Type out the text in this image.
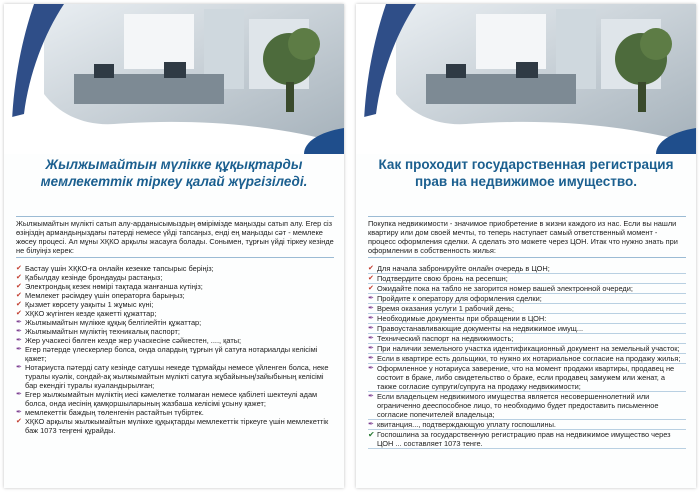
Жылжымайтын мүлікке құқықтарды мемлекеттік тіркеу қалай жүргізіледі.
Жылжымайтын мүлікті сатып алу-арданысымыздың өміріміздe маңызды сатып алу. Егер сіз өзіңіздің армандыңыздағы пәтерді немесе үйді тапсаңыз, енді ең маңызды сәт - мемлеке жөсеу процесі. Ал мұны ХҚКО арқылы жасауға болады. Сонымен, тұрғын үйді тіркеу кезінде не білуіңіз керек:
✔ Бастау үшін ХҚКО-ға онлайн кезекке тапсырыс беріңіз;
✔ Қабылдау кезінде брондауды растаңыз;
✔ Электрондық кезек нөмірі тақтада жанғанша күтіңіз;
✔ Мемлекет рәсімдеу үшін операторға барыңыз;
✔ Қызмет көрсету уақыты 1 жұмыс күні;
✔ ХҚКО жүгінген кезде қажетті құжаттар;
✒ Жылжымайтын мүлікке құқық белгілейтін құжаттар;
✒ Жылжымайтын мүліктің техникалық паспорт;
✒ Жер учаскесі бөлген кезде жер учаскесіне сәйкестен, ...., қаты;
✒ Егер пәтерде үлескерлер болса, онда олардың тұрғын үй сатуға нотариалды келісімі қажет;
✒ Нотариуста пәтерді сату кезінде сатушы некеде тұрмайды немесе үйленген болса, неке туралы куәлік, сондай-ақ жылжымайтын мүлікті сатуға жұбайының/зайыбының келісімі бар екендігі туралы куәландырылған;
✒ Егер жылжымайтын мүліктің иесі кәмелетке толмаған немесе қабілеті шектеулі адам болса, онда иесінің қамқоршыларының жазбаша келісімі ұсыну қажет;
✒ мемлекеттік баждың төленгенін растайтын түбіртек.
✔ ХҚКО арқылы жылжымайтын мүлікке құқықтарды мемлекеттік тіркеуге үшін мемлекеттік баж 1073 теңгені құрайды.
Как проходит государственная регистрация прав на недвижимое имущество.
Покупка недвижимости - значимое приобретение в жизни каждого из нас. Если вы нашли квартиру или дом своей мечты, то теперь наступает самый ответственный момент - процесс оформления сделки. А сделать это можете через ЦОН. Итак что нужно знать при оформлении в собственность жилья:
✔ Для начала забронируйте онлайн очередь в ЦОН;
✔ Подтвердите свою бронь на ресепшн;
✔ Ожидайте пока на табло не загорится номер вашей электронной очереди;
✒ Пройдите к оператору для оформления сделки;
✒ Время оказания услуги 1 рабочий день;
✒ Необходимые документы при обращении в ЦОН:
✒ Правоустанавливающие документы на недвижимое имущ...
✒ Технический паспорт на недвижимость;
✒ При наличии земельного участка идентификационный документ на земельный участок;
✒ Если в квартире есть дольщики, то нужно их нотариальное согласие на продажу жилья;
✒ Оформленное у нотариуса заверение, что на момент продажи квартиры, продавец не состоит в браке, либо свидетельство о браке, если продавец замужем или женат, а также согласие супруги/супруга на продажу недвижимости;
✒ Если владельцем недвижимого имущества является несовершеннолетний или ограниченно дееспособное лицо, то необходимо будет предоставить письменное согласие попечителей владельца;
✒ квитанция..., подтверждающую уплату госпошлины.
✔ Госпошлина за государственную регистрацию прав на недвижимое имущество через ЦОН ... составляет 1073 тенге.
